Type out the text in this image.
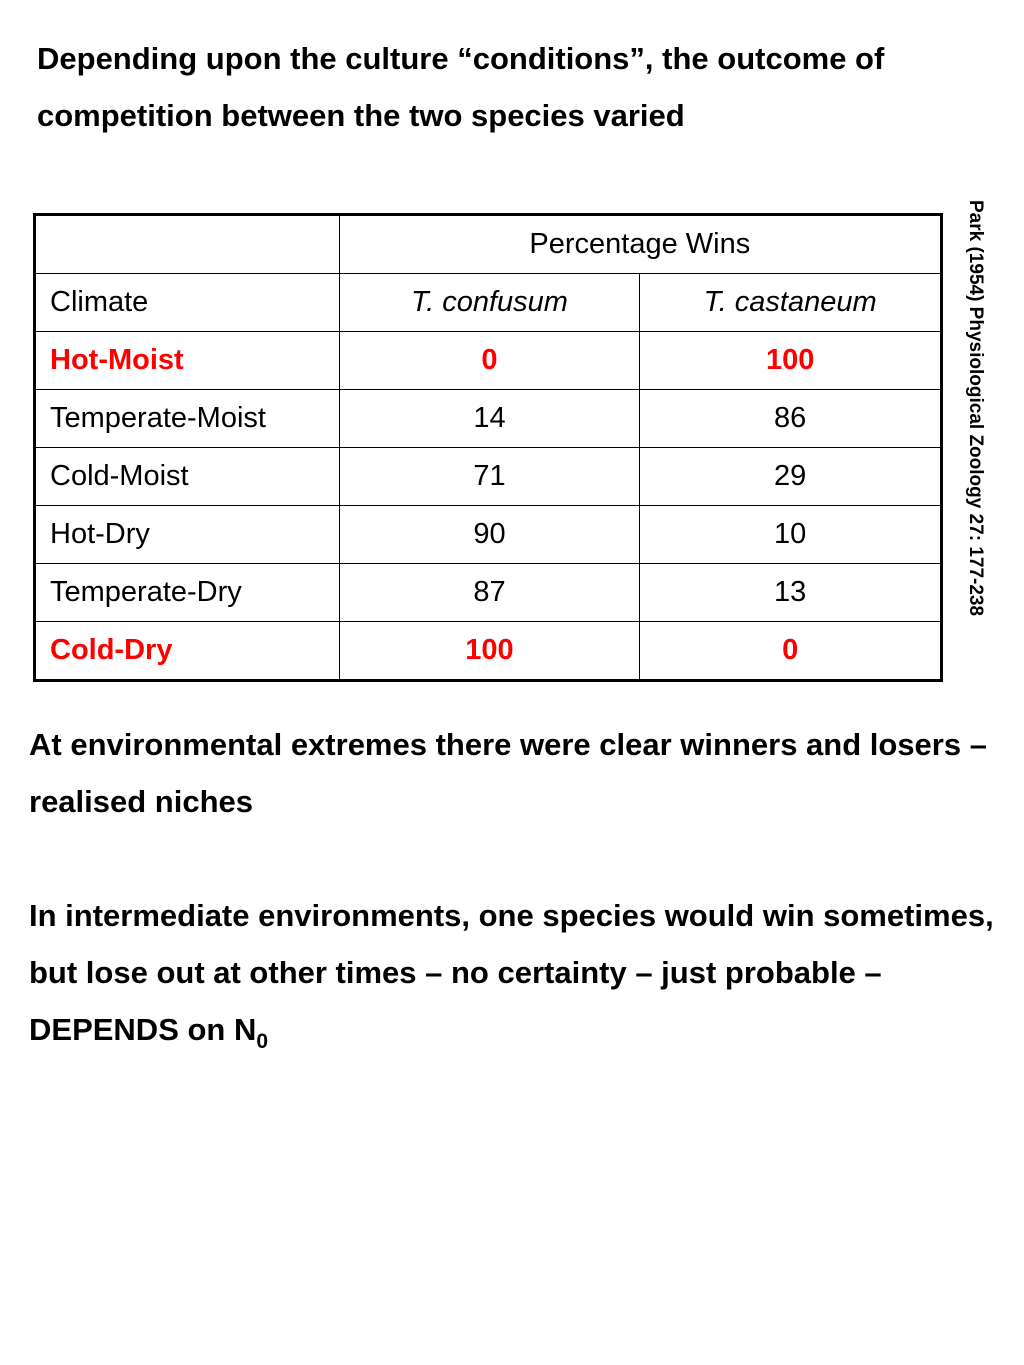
Depending upon the culture “conditions”, the outcome of competition between the two species varied

	Percentage Wins	
Climate	T. confusum	T. castaneum
Hot-Moist	0	100
Temperate-Moist	14	86
Cold-Moist	71	29
Hot-Dry	90	10
Temperate-Dry	87	13
Cold-Dry	100	0
Park (1954) Physiological Zoology 27: 177-238

At environmental extremes there were clear winners and losers – realised niches

In intermediate environments, one species would win sometimes, but lose out at other times – no certainty – just probable – DEPENDS on $N_0$
